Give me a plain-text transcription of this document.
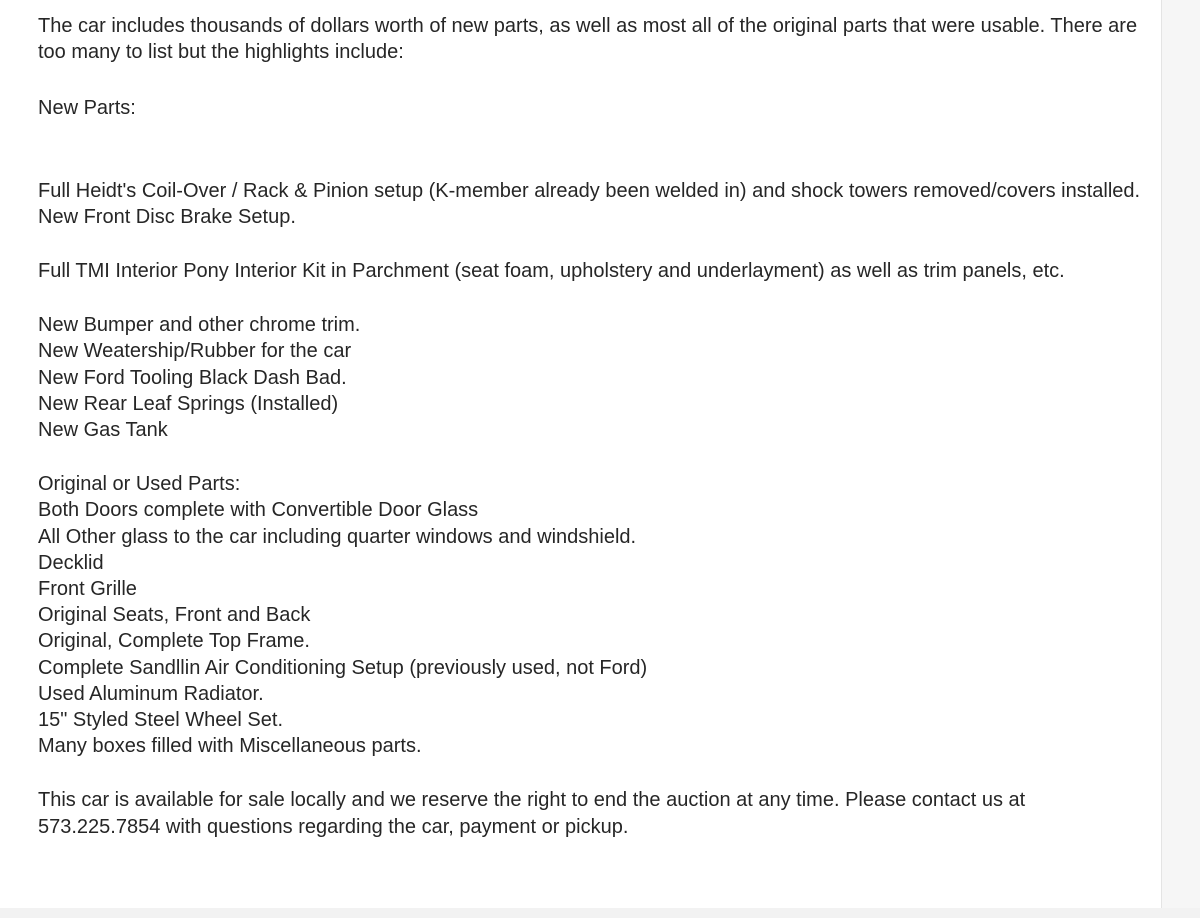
The car includes thousands of dollars worth of new parts, as well as most all of the original parts that were usable. There are too many to list but the highlights include:

New Parts:

Full Heidt's Coil-Over / Rack & Pinion setup (K-member already been welded in) and shock towers removed/covers installed.
New Front Disc Brake Setup.

Full TMI Interior Pony Interior Kit in Parchment (seat foam, upholstery and underlayment) as well as trim panels, etc.

New Bumper and other chrome trim.
New Weatership/Rubber for the car
New Ford Tooling Black Dash Bad.
New Rear Leaf Springs (Installed)
New Gas Tank
Original or Used Parts:
Both Doors complete with Convertible Door Glass
All Other glass to the car including quarter windows and windshield.
Decklid
Front Grille
Original Seats, Front and Back
Original, Complete Top Frame.
Complete Sandllin Air Conditioning Setup (previously used, not Ford)
Used Aluminum Radiator.
15" Styled Steel Wheel Set.
Many boxes filled with Miscellaneous parts.

This car is available for sale locally and we reserve the right to end the auction at any time. Please contact us at 573.225.7854 with questions regarding the car, payment or pickup.
